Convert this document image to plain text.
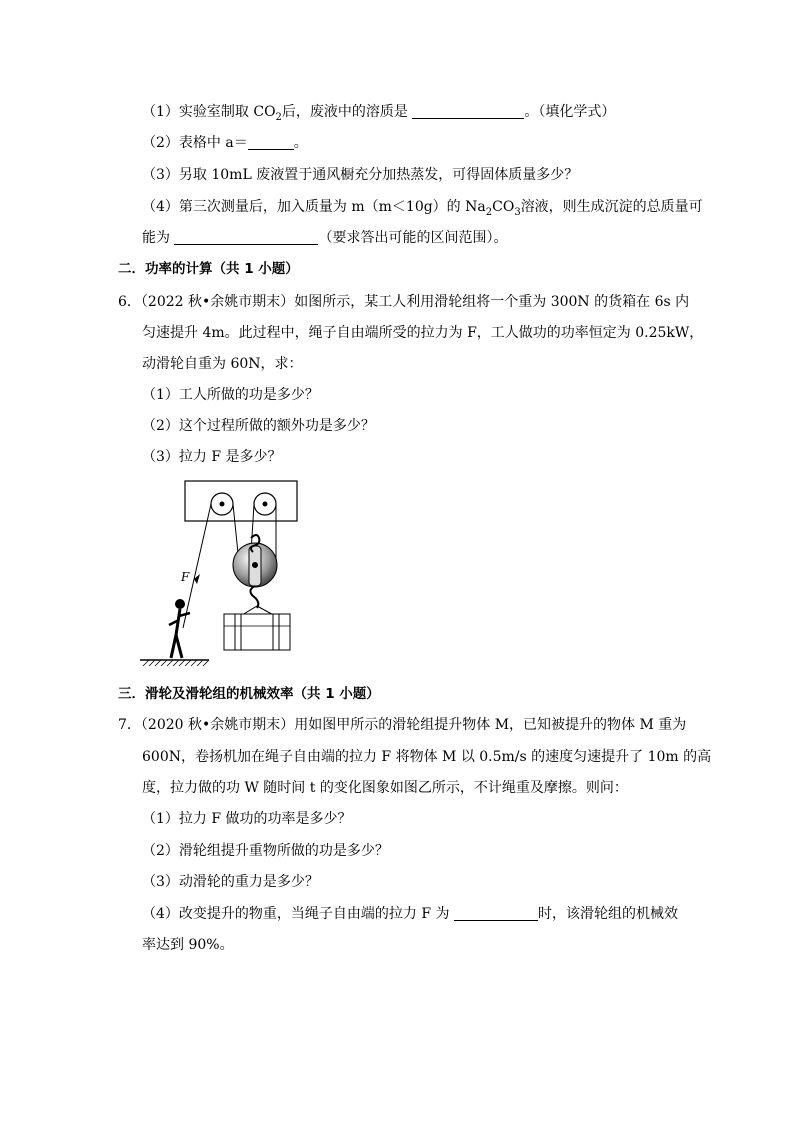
（1）实验室制取 $CO_2$后，废液中的溶质是	。（填化学式）
（2）表格中 a＝	。
（3）另取 10mL 废液置于通风橱充分加热蒸发，可得固体质量多少？
（4）第三次测量后，加入质量为 m（m＜10g）的 $Na_2CO_3$溶液，则生成沉淀的总质量可
能为	（要求答出可能的区间范围）。
二．功率的计算（共 1 小题）
6．（2022 秋•余姚市期末）如图所示，某工人利用滑轮组将一个重为 300N 的货箱在 6s 内
匀速提升 4m。此过程中，绳子自由端所受的拉力为 F，工人做功的功率恒定为 0.25kW，
动滑轮自重为 60N，求：
（1）工人所做的功是多少？
（2）这个过程所做的额外功是多少？
（3）拉力 F 是多少？
F
三．滑轮及滑轮组的机械效率（共 1 小题）
7．（2020 秋•余姚市期末）用如图甲所示的滑轮组提升物体 M，已知被提升的物体 M 重为
600N，卷扬机加在绳子自由端的拉力 F 将物体 M 以 0.5m/s 的速度匀速提升了 10m 的高
度，拉力做的功 W 随时间 t 的变化图象如图乙所示，不计绳重及摩擦。则问：
（1）拉力 F 做功的功率是多少？
（2）滑轮组提升重物所做的功是多少？
（3）动滑轮的重力是多少？
（4）改变提升的物重，当绳子自由端的拉力 F 为	时，该滑轮组的机械效
率达到 90%。
